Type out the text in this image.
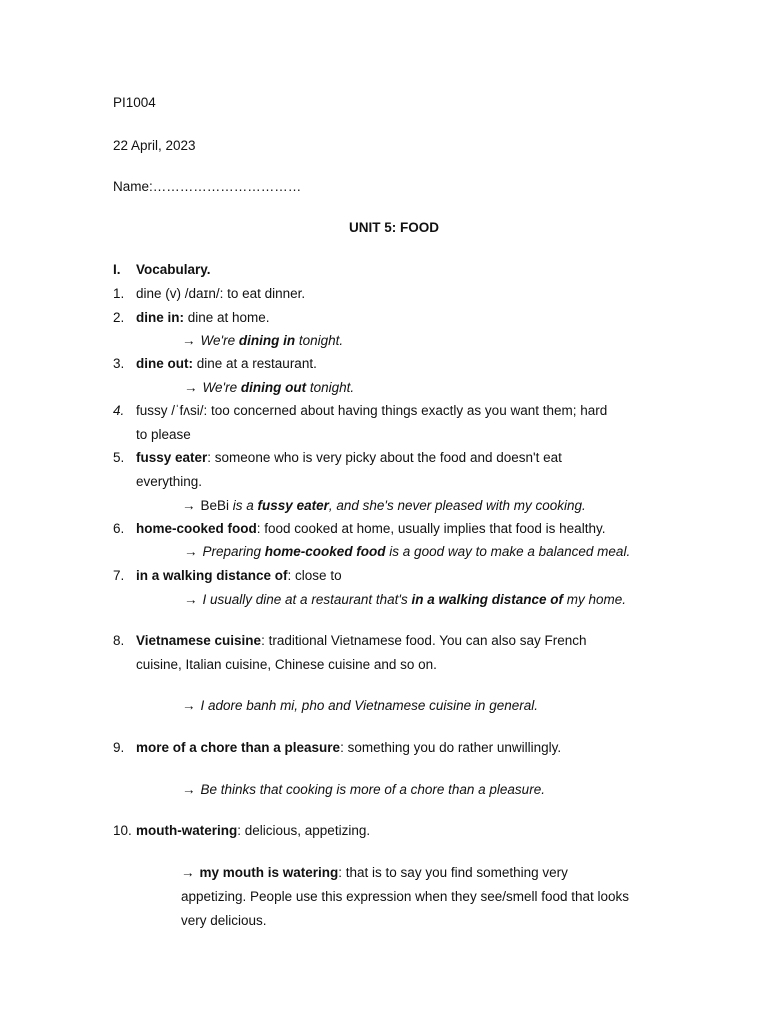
PI1004
22 April, 2023
Name:……………………………
UNIT 5: FOOD
I. Vocabulary.
1. dine (v) /daɪn/: to eat dinner.
2. dine in: dine at home.
→ We're dining in tonight.
3. dine out: dine at a restaurant.
→ We're dining out tonight.
4. fussy /ˈfʌsi/: too concerned about having things exactly as you want them; hard
to please
5. fussy eater: someone who is very picky about the food and doesn't eat
everything.
→ BeBi is a fussy eater, and she's never pleased with my cooking.
6. home-cooked food: food cooked at home, usually implies that food is healthy.
→ Preparing home-cooked food is a good way to make a balanced meal.
7. in a walking distance of: close to
→ I usually dine at a restaurant that's in a walking distance of my home.
8. Vietnamese cuisine: traditional Vietnamese food. You can also say French
cuisine, Italian cuisine, Chinese cuisine and so on.
→ I adore banh mi, pho and Vietnamese cuisine in general.
9. more of a chore than a pleasure: something you do rather unwillingly.
→ Be thinks that cooking is more of a chore than a pleasure.
10. mouth-watering: delicious, appetizing.
→ my mouth is watering: that is to say you find something very
appetizing. People use this expression when they see/smell food that looks
very delicious.
